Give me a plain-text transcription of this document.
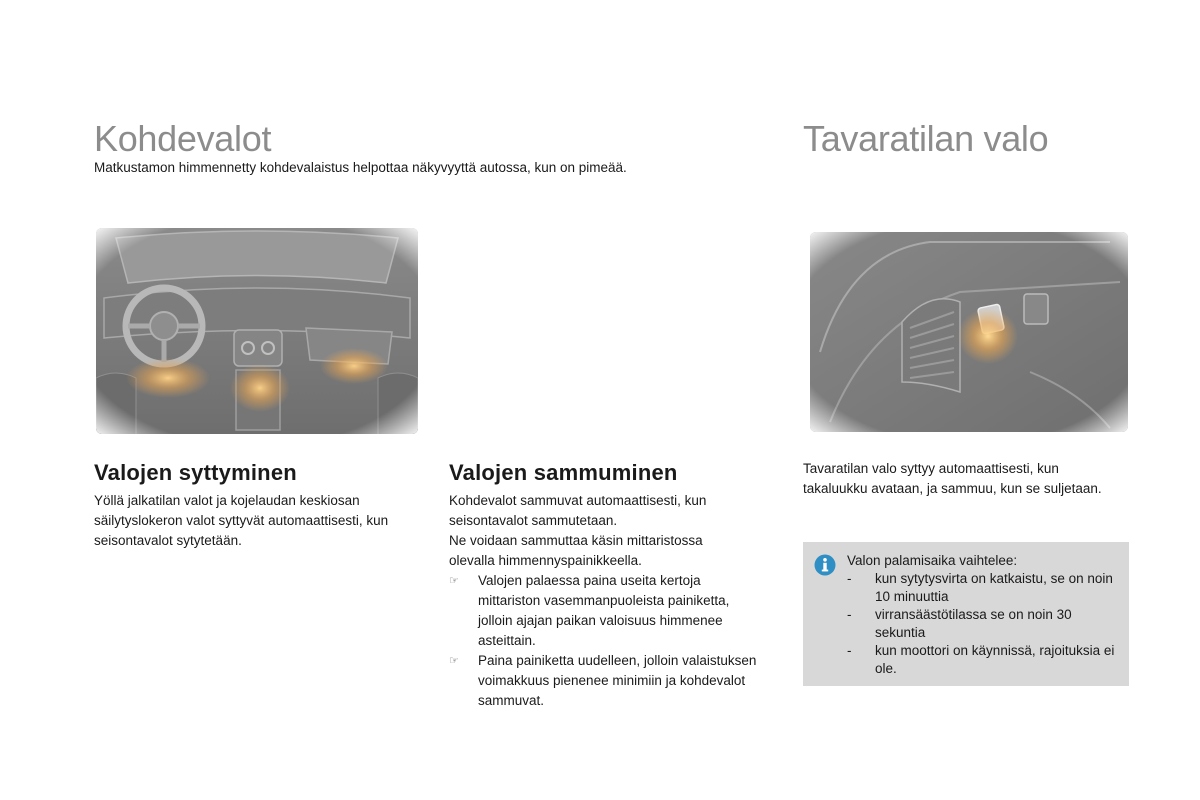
Kohdevalot

Matkustamon himmennetty kohdevalaistus helpottaa näkyvyyttä autossa, kun on pimeää.

Tavaratilan valo
Valojen syttyminen

Yöllä jalkatilan valot ja kojelaudan keskiosan säilytyslokeron valot syttyvät automaattisesti, kun seisontavalot sytytetään.

Valojen sammuminen

Kohdevalot sammuvat automaattisesti, kun seisontavalot sammutetaan.

Ne voidaan sammuttaa käsin mittaristossa olevalla himmennyspainikkeella.

☞ Valojen palaessa paina useita kertoja mittariston vasemmanpuoleista painiketta, jolloin ajajan paikan valoisuus himmenee asteittain.
☞ Paina painiketta uudelleen, jolloin valaistuksen voimakkuus pienenee minimiin ja kohdevalot sammuvat.

Tavaratilan valo syttyy automaattisesti, kun takaluukku avataan, ja sammuu, kun se suljetaan.

Valon palamisaika vaihtelee:

- kun sytytysvirta on katkaistu, se on noin 10 minuuttia
- virransäästötilassa se on noin 30 sekuntia
- kun moottori on käynnissä, rajoituksia ei ole.
